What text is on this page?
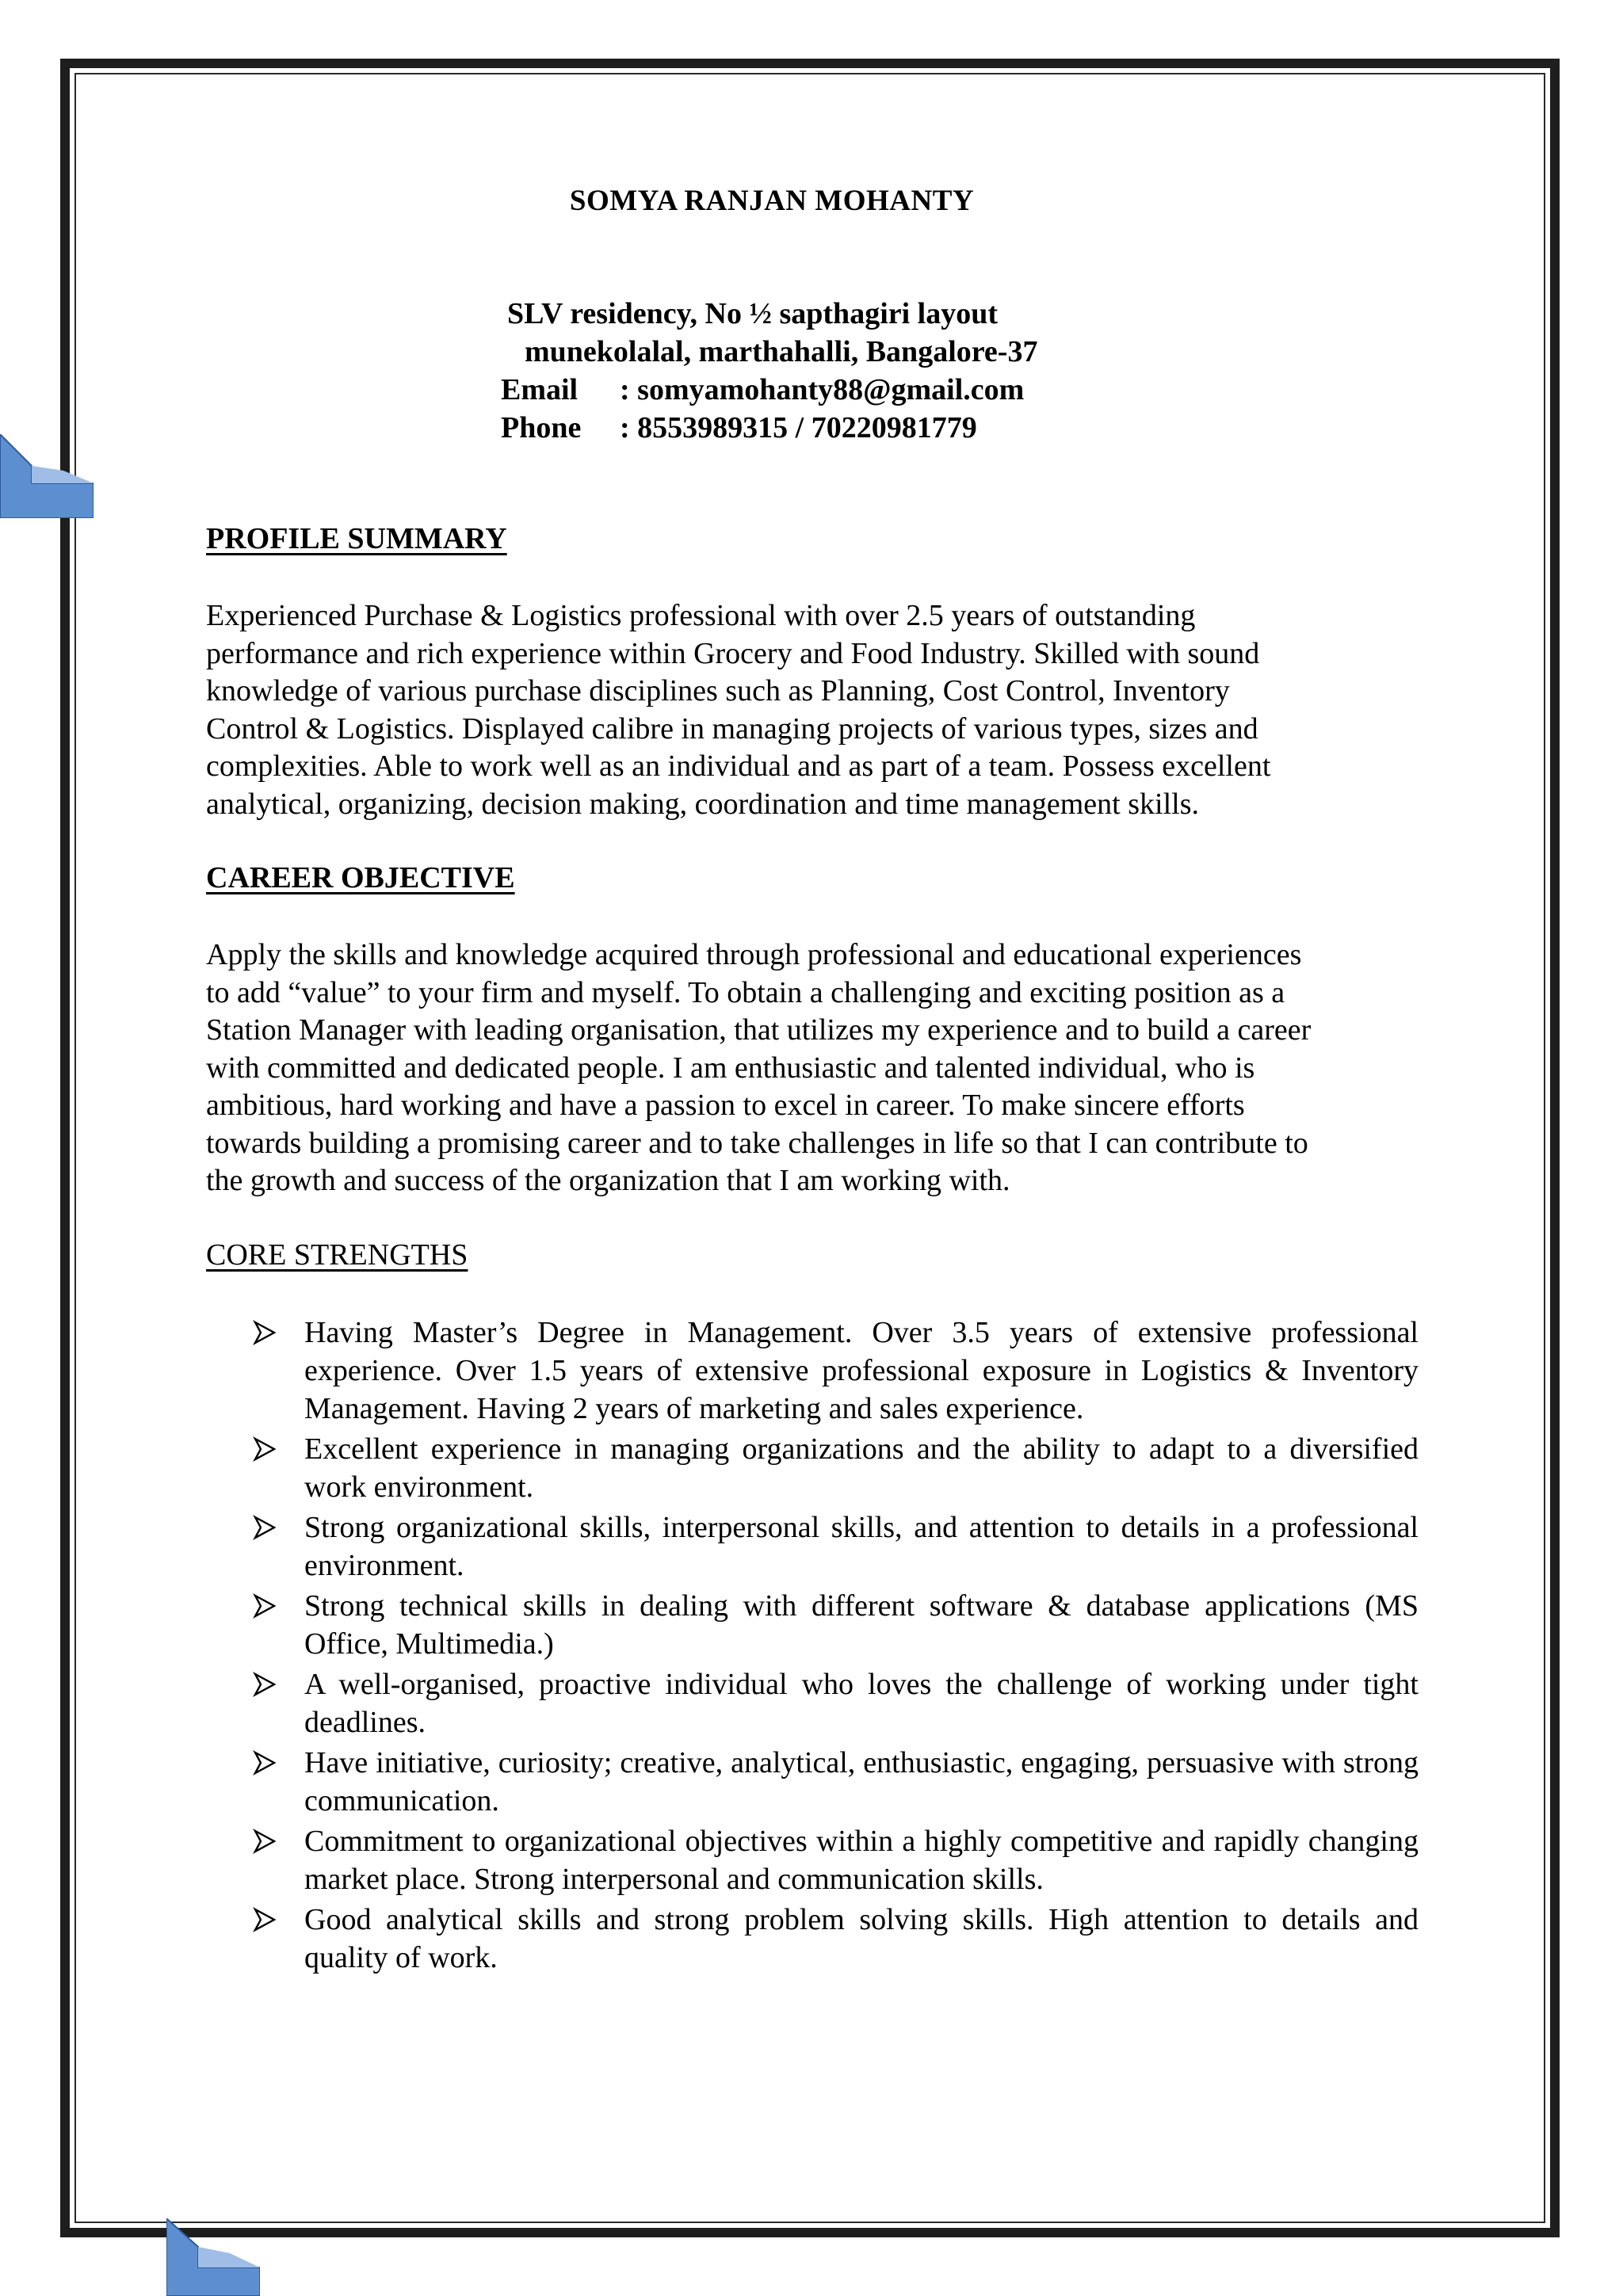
SOMYA RANJAN MOHANTY
SLV residency, No ½ sapthagiri layout
munekolalal, marthahalli, Bangalore-37
Email : somyamohanty88@gmail.com
Phone : 8553989315 / 70220981779
PROFILE SUMMARY
Experienced Purchase & Logistics professional with over 2.5 years of outstanding
performance and rich experience within Grocery and Food Industry. Skilled with sound
knowledge of various purchase disciplines such as Planning, Cost Control, Inventory
Control & Logistics. Displayed calibre in managing projects of various types, sizes and
complexities. Able to work well as an individual and as part of a team. Possess excellent
analytical, organizing, decision making, coordination and time management skills.
CAREER OBJECTIVE
Apply the skills and knowledge acquired through professional and educational experiences
to add “value” to your firm and myself. To obtain a challenging and exciting position as a
Station Manager with leading organisation, that utilizes my experience and to build a career
with committed and dedicated people. I am enthusiastic and talented individual, who is
ambitious, hard working and have a passion to excel in career. To make sincere efforts
towards building a promising career and to take challenges in life so that I can contribute to
the growth and success of the organization that I am working with.
CORE STRENGTHS
Having Master’s Degree in Management. Over 3.5 years of extensive professional experience. Over 1.5 years of extensive professional exposure in Logistics & Inventory Management. Having 2 years of marketing and sales experience.
Excellent experience in managing organizations and the ability to adapt to a diversified work environment.
Strong organizational skills, interpersonal skills, and attention to details in a professional environment.
Strong technical skills in dealing with different software & database applications (MS Office, Multimedia.)
A well-organised, proactive individual who loves the challenge of working under tight deadlines.
Have initiative, curiosity; creative, analytical, enthusiastic, engaging, persuasive with strong communication.
Commitment to organizational objectives within a highly competitive and rapidly changing market place. Strong interpersonal and communication skills.
Good analytical skills and strong problem solving skills. High attention to details and quality of work.
